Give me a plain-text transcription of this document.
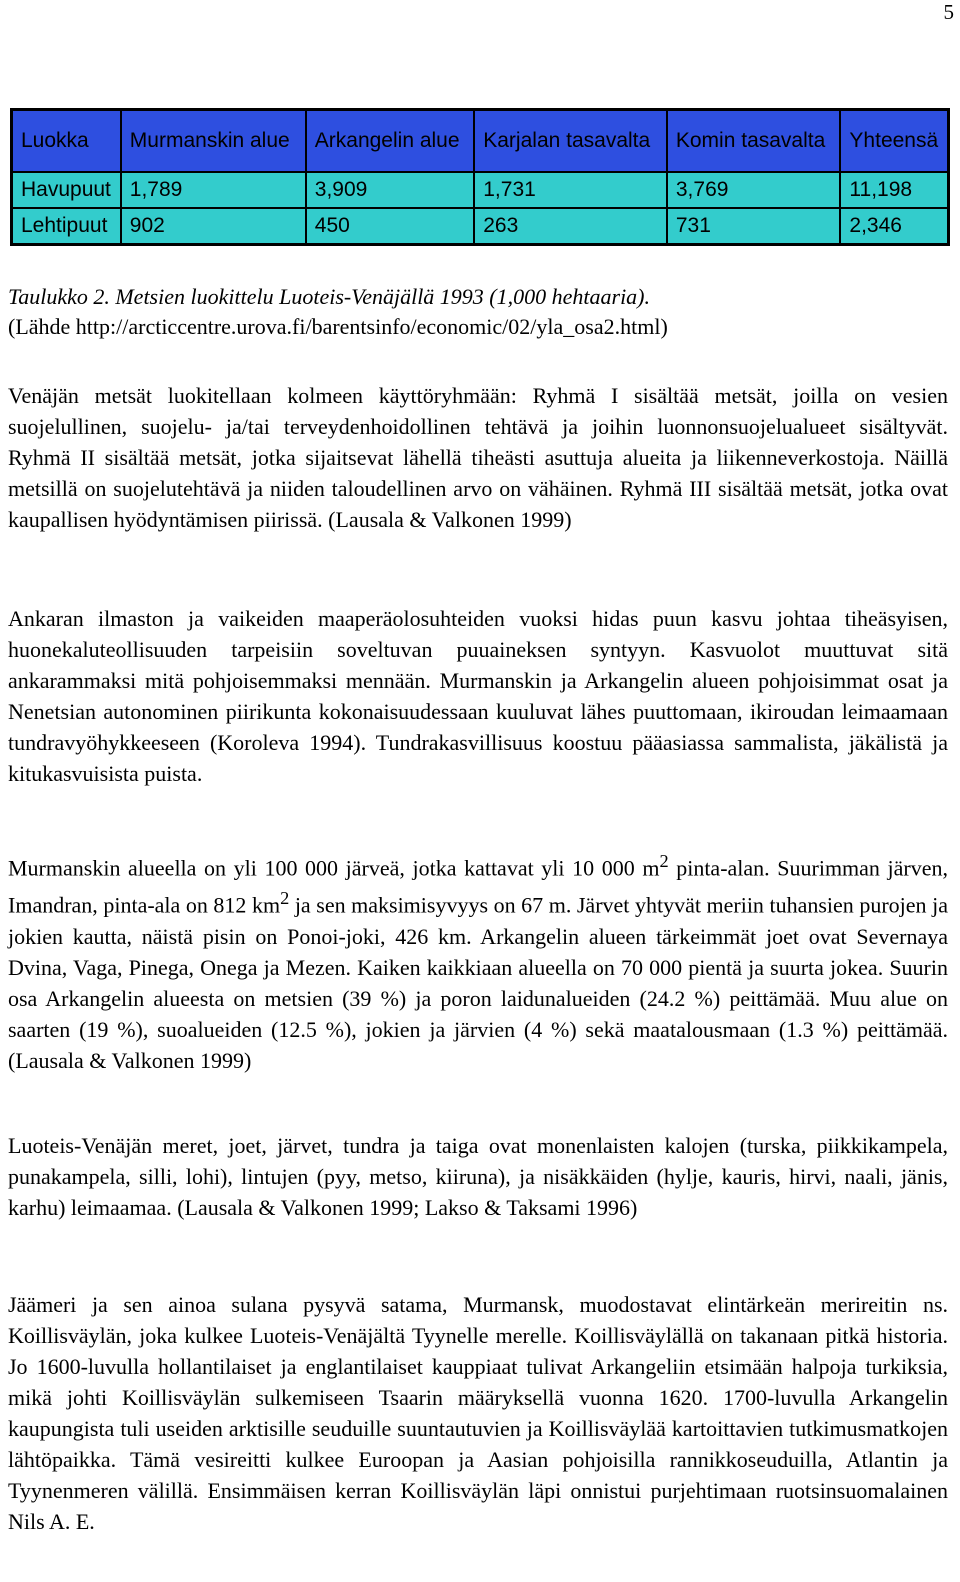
5
Luokka	Murmanskin alue	Arkangelin alue	Karjalan tasavalta	Komin tasavalta	Yhteensä
Havupuut	1,789	3,909	1,731	3,769	11,198
Lehtipuut	902	450	263	731	2,346
Taulukko 2. Metsien luokittelu Luoteis-Venäjällä 1993 (1,000 hehtaaria).
(Lähde http://arcticcentre.urova.fi/barentsinfo/economic/02/yla_osa2.html)

Venäjän metsät luokitellaan kolmeen käyttöryhmään: Ryhmä I sisältää metsät, joilla on vesien suojelullinen, suojelu- ja/tai terveydenhoidollinen tehtävä ja joihin luonnonsuojelualueet sisältyvät. Ryhmä II sisältää metsät, jotka sijaitsevat lähellä tiheästi asuttuja alueita ja liikenneverkostoja. Näillä metsillä on suojelutehtävä ja niiden taloudellinen arvo on vähäinen. Ryhmä III sisältää metsät, jotka ovat kaupallisen hyödyntämisen piirissä. (Lausala & Valkonen 1999)

Ankaran ilmaston ja vaikeiden maaperäolosuhteiden vuoksi hidas puun kasvu johtaa tiheäsyisen, huonekaluteollisuuden tarpeisiin soveltuvan puuaineksen syntyyn. Kasvuolot muuttuvat sitä ankarammaksi mitä pohjoisemmaksi mennään. Murmanskin ja Arkangelin alueen pohjoisimmat osat ja Nenetsian autonominen piirikunta kokonaisuudessaan kuuluvat lähes puuttomaan, ikiroudan leimaamaan tundravyöhykkeeseen (Koroleva 1994). Tundrakasvillisuus koostuu pääasiassa sammalista, jäkälistä ja kitukasvuisista puista.

Murmanskin alueella on yli 100 000 järveä, jotka kattavat yli 10 000 $m^2$ pinta-alan. Suurimman järven, Imandran, pinta-ala on 812 $km^2$ ja sen maksimisyvyys on 67 m. Järvet yhtyvät meriin tuhansien purojen ja jokien kautta, näistä pisin on Ponoi-joki, 426 km. Arkangelin alueen tärkeimmät joet ovat Severnaya Dvina, Vaga, Pinega, Onega ja Mezen. Kaiken kaikkiaan alueella on 70 000 pientä ja suurta jokea. Suurin osa Arkangelin alueesta on metsien (39 %) ja poron laidunalueiden (24.2 %) peittämää. Muu alue on saarten (19 %), suoalueiden (12.5 %), jokien ja järvien (4 %) sekä maatalousmaan (1.3 %) peittämää. (Lausala & Valkonen 1999)

Luoteis-Venäjän meret, joet, järvet, tundra ja taiga ovat monenlaisten kalojen (turska, piikkikampela, punakampela, silli, lohi), lintujen (pyy, metso, kiiruna), ja nisäkkäiden (hylje, kauris, hirvi, naali, jänis, karhu) leimaamaa. (Lausala & Valkonen 1999; Lakso & Taksami 1996)

Jäämeri ja sen ainoa sulana pysyvä satama, Murmansk, muodostavat elintärkeän merireitin ns. Koillisväylän, joka kulkee Luoteis-Venäjältä Tyynelle merelle. Koillisväylällä on takanaan pitkä historia. Jo 1600-luvulla hollantilaiset ja englantilaiset kauppiaat tulivat Arkangeliin etsimään halpoja turkiksia, mikä johti Koillisväylän sulkemiseen Tsaarin määryksellä vuonna 1620. 1700-luvulla Arkangelin kaupungista tuli useiden arktisille seuduille suuntautuvien ja Koillisväylää kartoittavien tutkimusmatkojen lähtöpaikka. Tämä vesireitti kulkee Euroopan ja Aasian pohjoisilla rannikkoseuduilla, Atlantin ja Tyynenmeren välillä. Ensimmäisen kerran Koillisväylän läpi onnistui purjehtimaan ruotsinsuomalainen Nils A. E.
